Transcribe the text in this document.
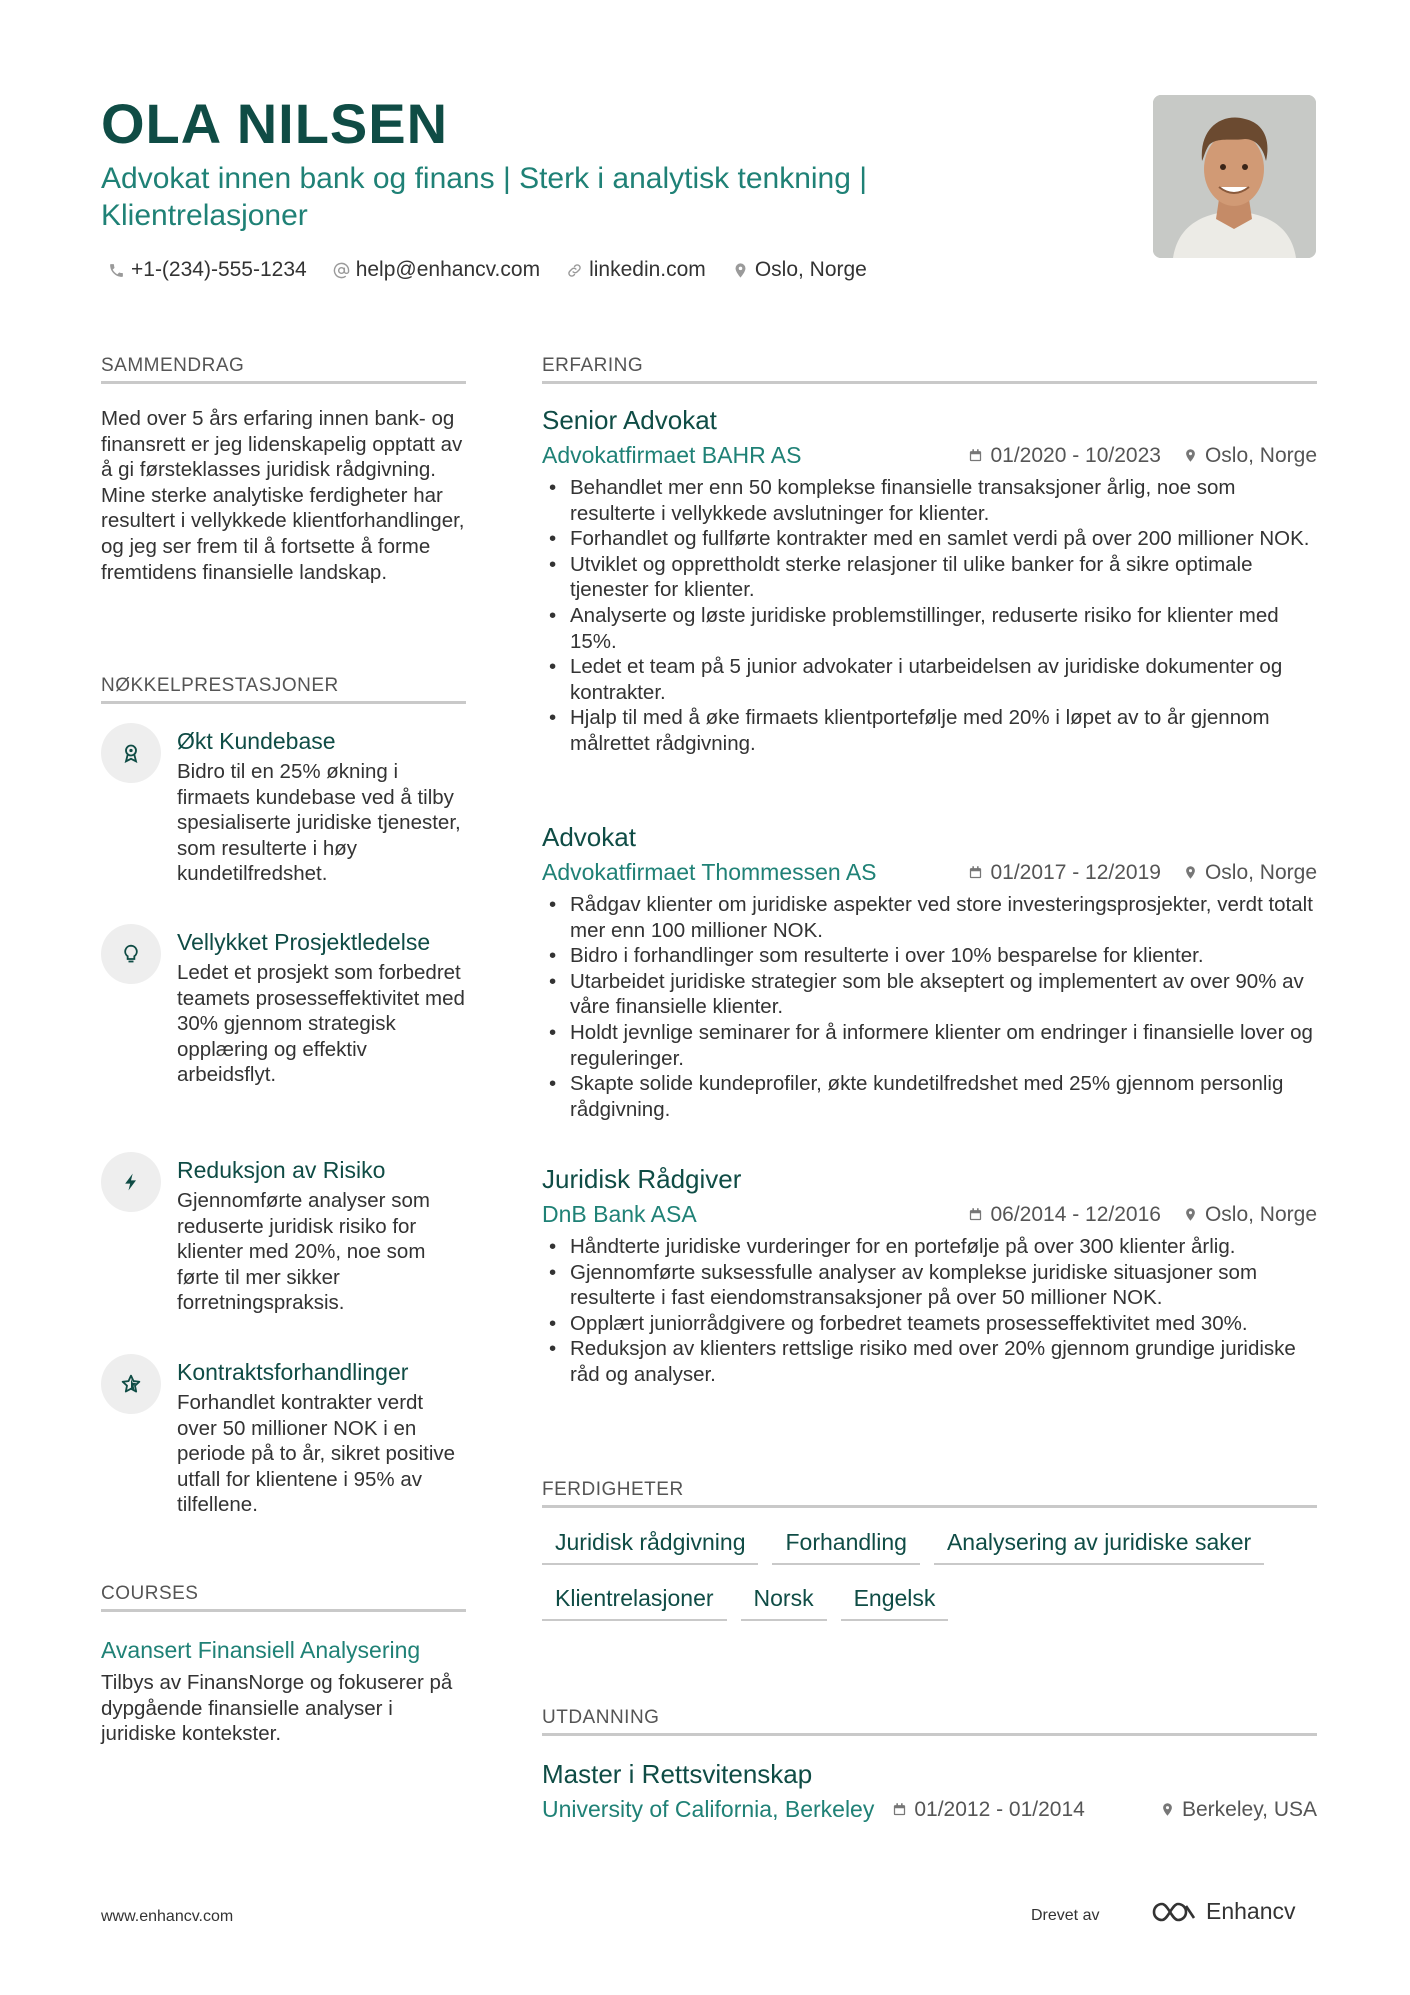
OLA NILSEN
Advokat innen bank og finans | Sterk i analytisk tenkning | Klientrelasjoner
+1-(234)-555-1234 help@enhancv.com linkedin.com Oslo, Norge
SAMMENDRAG

Med over 5 års erfaring innen bank- og finansrett er jeg lidenskapelig opptatt av å gi førsteklasses juridisk rådgivning. Mine sterke analytiske ferdigheter har resultert i vellykkede klientforhandlinger, og jeg ser frem til å fortsette å forme fremtidens finansielle landskap.

NØKKELPRESTASJONER
Økt Kundebase
Bidro til en 25% økning i firmaets kundebase ved å tilby spesialiserte juridiske tjenester, som resulterte i høy kundetilfredshet.
Vellykket Prosjektledelse
Ledet et prosjekt som forbedret teamets prosesseffektivitet med 30% gjennom strategisk opplæring og effektiv arbeidsflyt.
Reduksjon av Risiko
Gjennomførte analyser som reduserte juridisk risiko for klienter med 20%, noe som førte til mer sikker forretningspraksis.
Kontraktsforhandlinger
Forhandlet kontrakter verdt over 50 millioner NOK i en periode på to år, sikret positive utfall for klientene i 95% av tilfellene.
COURSES
Avansert Finansiell Analysering
Tilbys av FinansNorge og fokuserer på dypgående finansielle analyser i juridiske kontekster.
ERFARING
Senior Advokat
Advokatfirmaet BAHR AS	01/2020 - 10/2023 Oslo, Norge
• Behandlet mer enn 50 komplekse finansielle transaksjoner årlig, noe som resulterte i vellykkede avslutninger for klienter.
• Forhandlet og fullførte kontrakter med en samlet verdi på over 200 millioner NOK.
• Utviklet og opprettholdt sterke relasjoner til ulike banker for å sikre optimale tjenester for klienter.
• Analyserte og løste juridiske problemstillinger, reduserte risiko for klienter med 15%.
• Ledet et team på 5 junior advokater i utarbeidelsen av juridiske dokumenter og kontrakter.
• Hjalp til med å øke firmaets klientportefølje med 20% i løpet av to år gjennom målrettet rådgivning.
Advokat
Advokatfirmaet Thommessen AS	01/2017 - 12/2019 Oslo, Norge
• Rådgav klienter om juridiske aspekter ved store investeringsprosjekter, verdt totalt mer enn 100 millioner NOK.
• Bidro i forhandlinger som resulterte i over 10% besparelse for klienter.
• Utarbeidet juridiske strategier som ble akseptert og implementert av over 90% av våre finansielle klienter.
• Holdt jevnlige seminarer for å informere klienter om endringer i finansielle lover og reguleringer.
• Skapte solide kundeprofiler, økte kundetilfredshet med 25% gjennom personlig rådgivning.
Juridisk Rådgiver
DnB Bank ASA	06/2014 - 12/2016 Oslo, Norge
• Håndterte juridiske vurderinger for en portefølje på over 300 klienter årlig.
• Gjennomførte suksessfulle analyser av komplekse juridiske situasjoner som resulterte i fast eiendomstransaksjoner på over 50 millioner NOK.
• Opplært juniorrådgivere og forbedret teamets prosesseffektivitet med 30%.
• Reduksjon av klienters rettslige risiko med over 20% gjennom grundige juridiske råd og analyser.
FERDIGHETER
Juridisk rådgivning	Forhandling	Analysering av juridiske saker
Klientrelasjoner	Norsk	Engelsk
UTDANNING
Master i Rettsvitenskap
University of California, Berkeley 01/2012 - 01/2014	Berkeley, USA
www.enhancv.com	Drevet av	Enhancv
